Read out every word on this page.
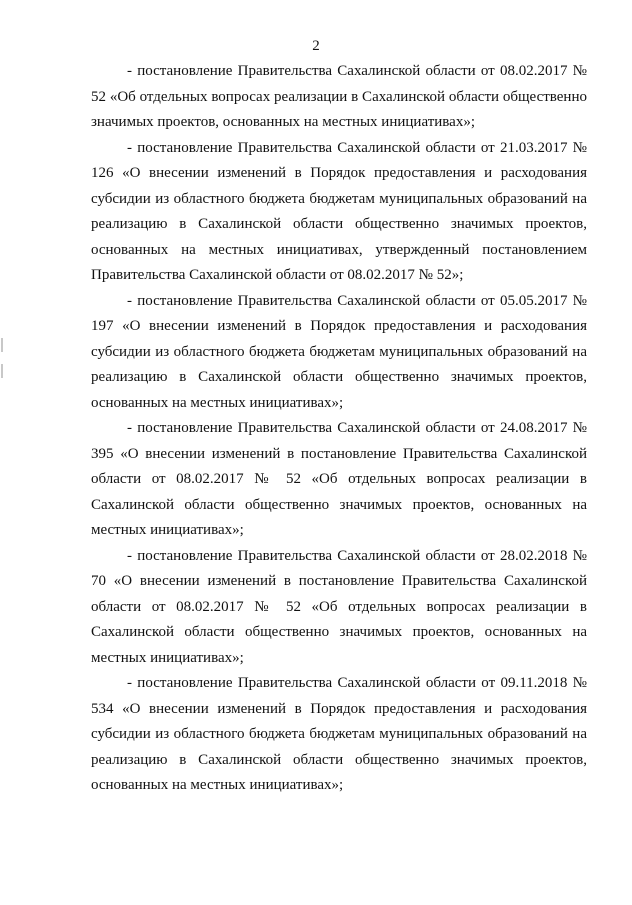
2

- постановление Правительства Сахалинской области от 08.02.2017 № 52 «Об отдельных вопросах реализации в Сахалинской области общественно значимых проектов, основанных на местных инициативах»;

- постановление Правительства Сахалинской области от 21.03.2017 № 126 «О внесении изменений в Порядок предоставления и расходования субсидии из областного бюджета бюджетам муниципальных образований на реализацию в Сахалинской области общественно значимых проектов, основанных на местных инициативах, утвержденный постановлением Правительства Сахалинской области от 08.02.2017 № 52»;

- постановление Правительства Сахалинской области от 05.05.2017 № 197 «О внесении изменений в Порядок предоставления и расходования субсидии из областного бюджета бюджетам муниципальных образований на реализацию в Сахалинской области общественно значимых проектов, основанных на местных инициативах»;

- постановление Правительства Сахалинской области от 24.08.2017 № 395 «О внесении изменений в постановление Правительства Сахалинской области от 08.02.2017 № 52 «Об отдельных вопросах реализации в Сахалинской области общественно значимых проектов, основанных на местных инициативах»;

- постановление Правительства Сахалинской области от 28.02.2018 № 70 «О внесении изменений в постановление Правительства Сахалинской области от 08.02.2017 № 52 «Об отдельных вопросах реализации в Сахалинской области общественно значимых проектов, основанных на местных инициативах»;

- постановление Правительства Сахалинской области от 09.11.2018 № 534 «О внесении изменений в Порядок предоставления и расходования субсидии из областного бюджета бюджетам муниципальных образований на реализацию в Сахалинской области общественно значимых проектов, основанных на местных инициативах»;
